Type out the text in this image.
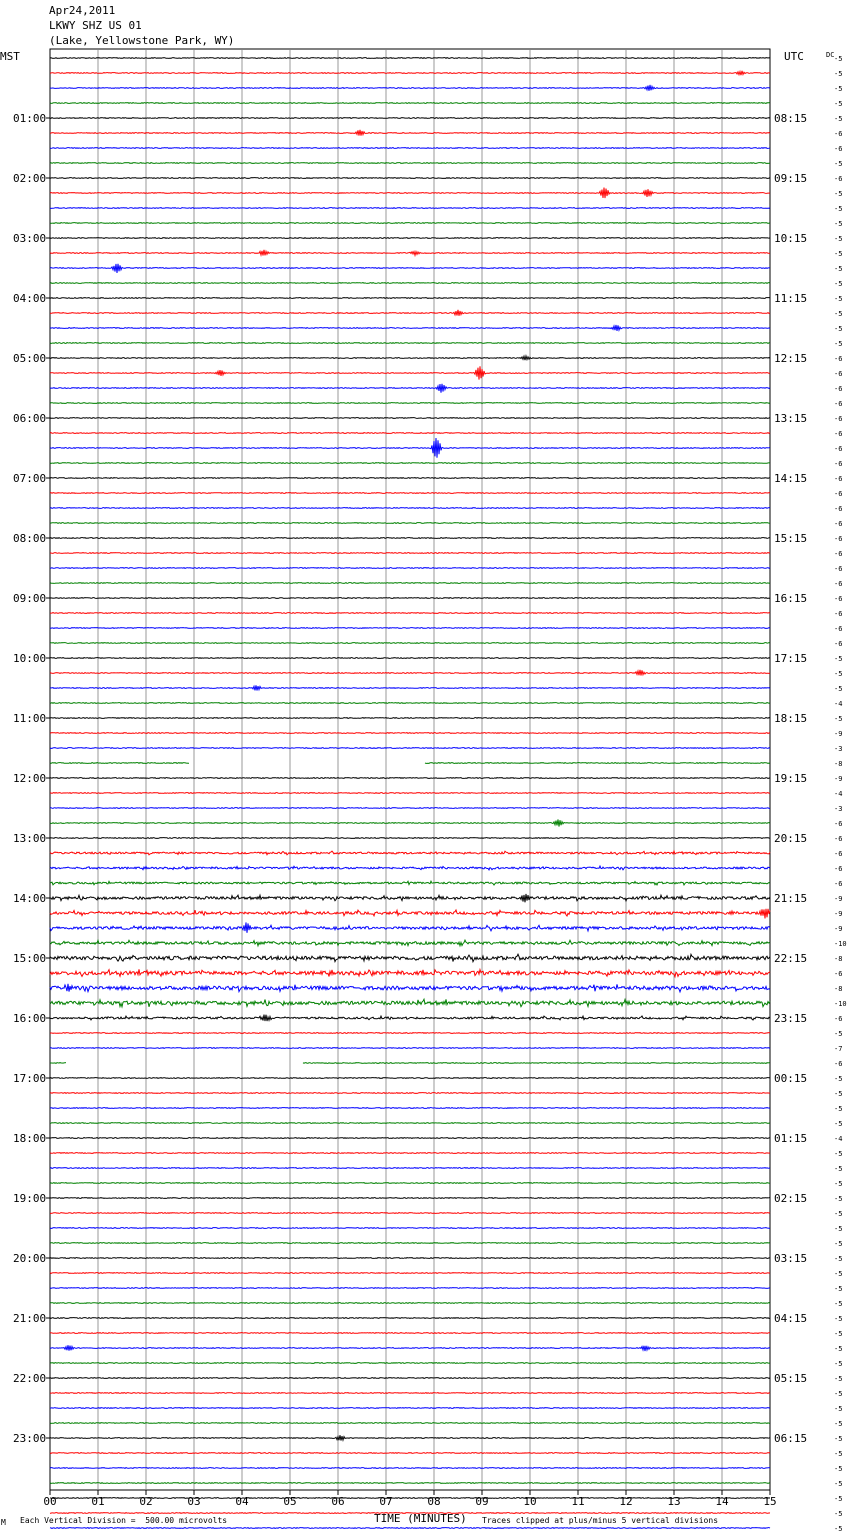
Apr24,2011
LKWY SHZ US 01
(Lake, Yellowstone Park, WY)
-5
-5
-5
-5
-5
-6
-6
-5
-6
-5
-5
-5
-5
-5
-5
-5
-5
-5
-5
-5
-6
-6
-6
-6
-6
-6
-6
-6
-6
-6
-6
-6
-6
-6
-6
-6
-6
-6
-6
-6
-5
-5
-5
-4
-5
-9
-3
-8
-9
-4
-3
-6
-6
-6
-6
-6
-9
-9
-9
-10
-8
-6
-8
-10
-6
-5
-7
-6
-5
-5
-5
-5
-4
-5
-5
-5
-5
-5
-5
-5
-5
-5
-5
-5
-5
-5
-5
-5
-5
-5
-5
-5
-5
-5
-5
-5
-5
-5
-5
01:00
02:00
03:00
04:00
05:00
06:00
07:00
08:00
09:00
10:00
11:00
12:00
13:00
14:00
15:00
16:00
17:00
18:00
19:00
20:00
21:00
22:00
23:00
08:15
09:15
10:15
11:15
12:15
13:15
14:15
15:15
16:15
17:15
18:15
19:15
20:15
21:15
22:15
23:15
00:15
01:15
02:15
03:15
04:15
05:15
06:15
00	01	02	03	04	05	06	07	08	09	10	11	12	13	14	15
MST	UTC	DC
M Each Vertical Division =  500.00 microvolts	TIME (MINUTES) Traces clipped at plus/minus 5 vertical divisions
